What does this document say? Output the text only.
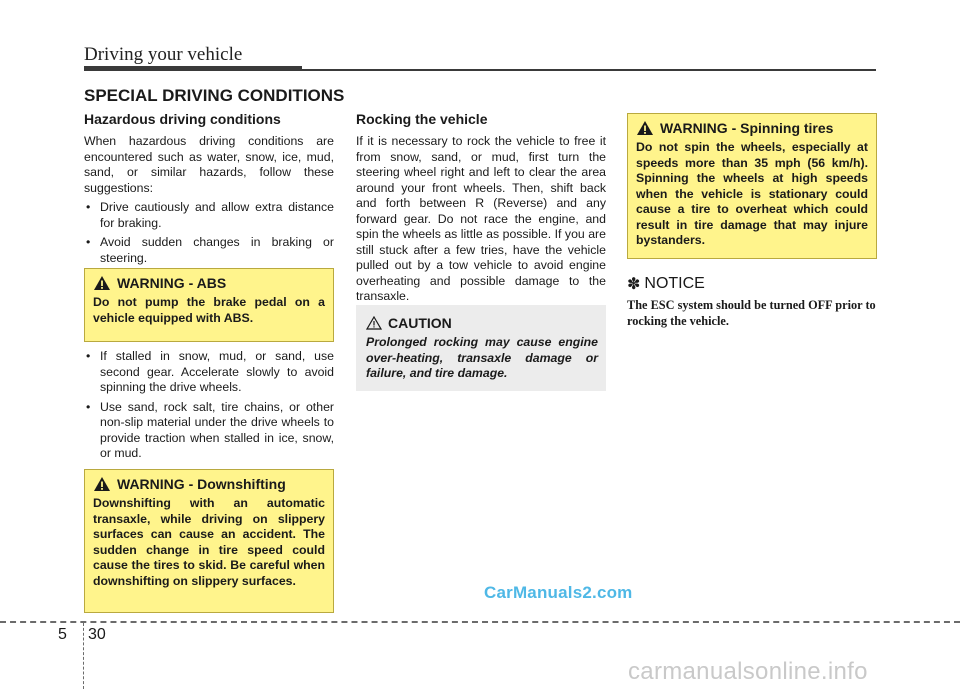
Driving your vehicle
SPECIAL DRIVING CONDITIONS
Hazardous driving conditions

When hazardous driving conditions are encountered such as water, snow, ice, mud, sand, or similar hazards, follow these suggestions:

• Drive cautiously and allow extra distance for braking.
• Avoid sudden changes in braking or steering.
WARNING - ABS
Do not pump the brake pedal on a vehicle equipped with ABS.
• If stalled in snow, mud, or sand, use second gear. Accelerate slowly to avoid spinning the drive wheels.
• Use sand, rock salt, tire chains, or other non-slip material under the drive wheels to provide traction when stalled in ice, snow, or mud.
WARNING - Downshifting
Downshifting with an automatic transaxle, while driving on slippery surfaces can cause an accident. The sudden change in tire speed could cause the tires to skid. Be careful when downshifting on slippery surfaces.
Rocking the vehicle

If it is necessary to rock the vehicle to free it from snow, sand, or mud, first turn the steering wheel right and left to clear the area around your front wheels. Then, shift back and forth between R (Reverse) and any forward gear. Do not race the engine, and spin the wheels as little as possible. If you are still stuck after a few tries, have the vehicle pulled out by a tow vehicle to avoid engine overheating and possible damage to the transaxle.

CAUTION
Prolonged rocking may cause engine over-heating, transaxle damage or failure, and tire damage.
WARNING - Spinning tires
Do not spin the wheels, especially at speeds more than 35 mph (56 km/h). Spinning the wheels at high speeds when the vehicle is stationary could cause a tire to overheat which could result in tire damage that may injure bystanders.
✽ NOTICE
The ESC system should be turned OFF prior to rocking the vehicle.
CarManuals2.com
5 30
carmanualsonline.info
